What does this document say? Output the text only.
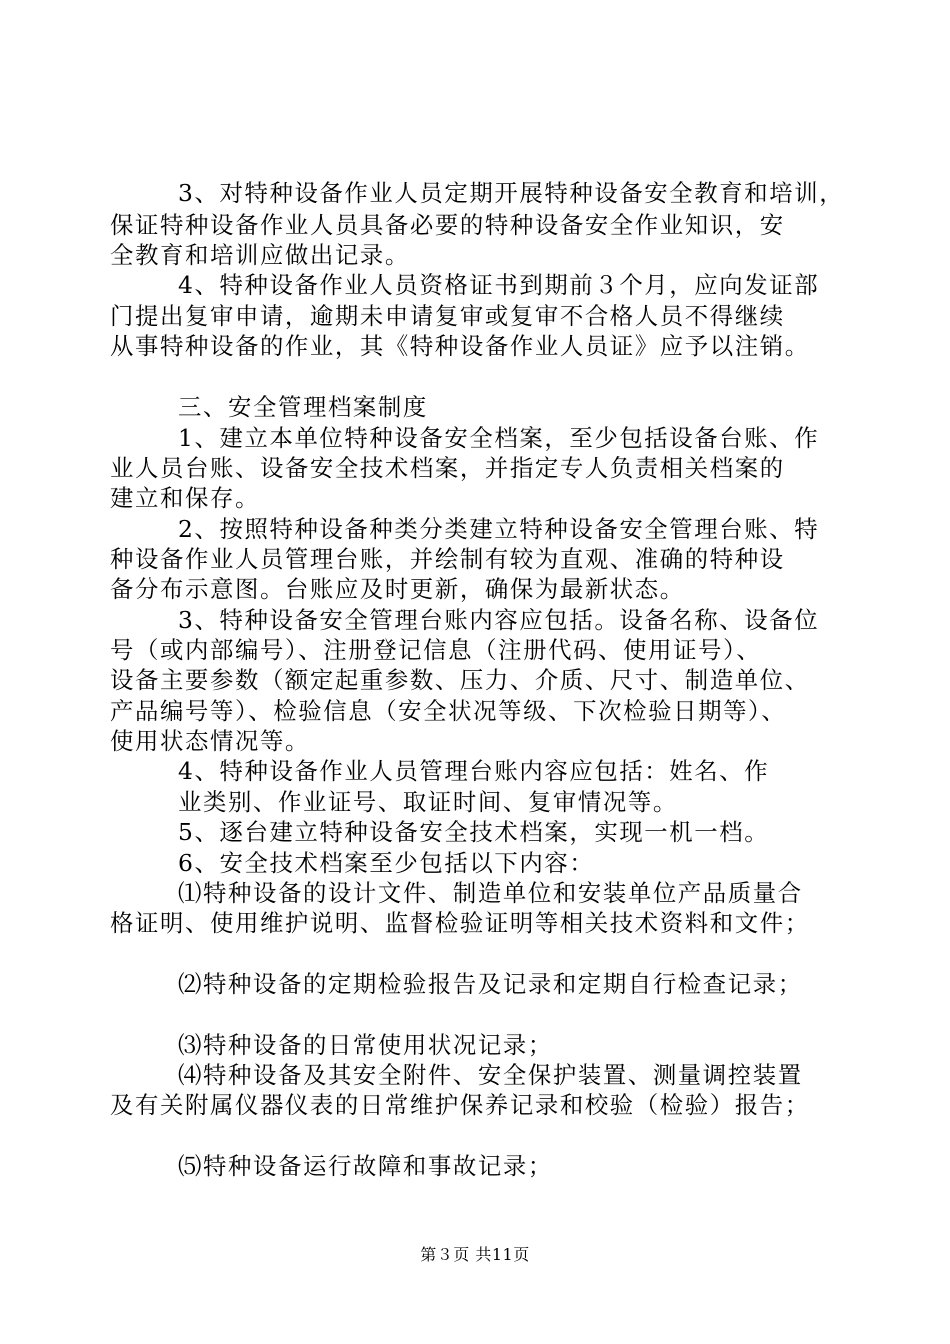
3、对特种设备作业人员定期开展特种设备安全教育和培训，
保证特种设备作业人员具备必要的特种设备安全作业知识，安
全教育和培训应做出记录。
4、特种设备作业人员资格证书到期前３个月，应向发证部
门提出复审申请，逾期未申请复审或复审不合格人员不得继续
从事特种设备的作业，其《特种设备作业人员证》应予以注销。
三、安全管理档案制度
1、建立本单位特种设备安全档案，至少包括设备台账、作
业人员台账、设备安全技术档案，并指定专人负责相关档案的
建立和保存。
2、按照特种设备种类分类建立特种设备安全管理台账、特
种设备作业人员管理台账，并绘制有较为直观、准确的特种设
备分布示意图。台账应及时更新，确保为最新状态。
3、特种设备安全管理台账内容应包括。设备名称、设备位
号（或内部编号）、注册登记信息（注册代码、使用证号）、
设备主要参数（额定起重参数、压力、介质、尺寸、制造单位、
产品编号等）、检验信息（安全状况等级、下次检验日期等）、
使用状态情况等。
4、特种设备作业人员管理台账内容应包括：姓名、作
业类别、作业证号、取证时间、复审情况等。
5、逐台建立特种设备安全技术档案，实现一机一档。
6、安全技术档案至少包括以下内容：
⑴特种设备的设计文件、制造单位和安装单位产品质量合
格证明、使用维护说明、监督检验证明等相关技术资料和文件；
⑵特种设备的定期检验报告及记录和定期自行检查记录；
⑶特种设备的日常使用状况记录；
⑷特种设备及其安全附件、安全保护装置、测量调控装置
及有关附属仪器仪表的日常维护保养记录和校验（检验）报告；
⑸特种设备运行故障和事故记录；
第３页 共11页
